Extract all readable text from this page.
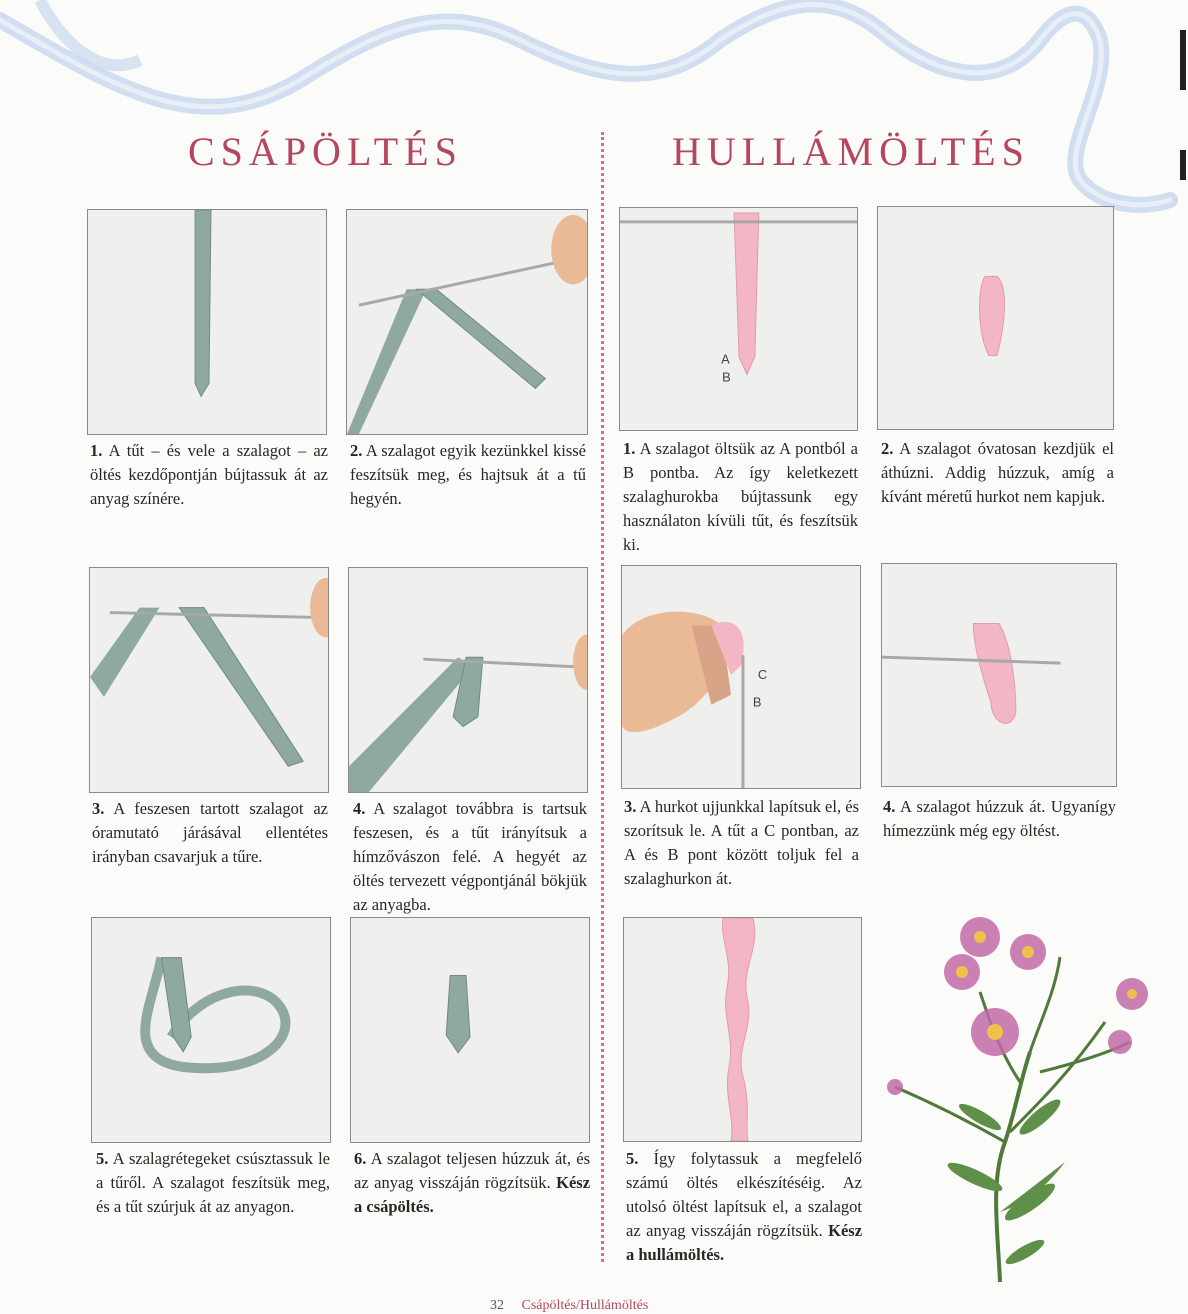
CSÁPÖLTÉS	HULLÁMÖLTÉS
A
B
C
B
1. A tűt – és vele a szalagot – az öltés kezdőpontján bújtassuk át az anyag színére.
2. A szalagot egyik kezünkkel kissé feszítsük meg, és hajtsuk át a tű hegyén.
3. A feszesen tartott szalagot az óramutató járásával ellentétes irányban csavarjuk a tűre.
4. A szalagot továbbra is tartsuk feszesen, és a tűt irányítsuk a hímzővászon felé. A hegyét az öltés tervezett végpontjánál bökjük az anyagba.
5. A szalagrétegeket csúsztassuk le a tűről. A szalagot feszítsük meg, és a tűt szúrjuk át az anyagon.
6. A szalagot teljesen húzzuk át, és az anyag visszáján rögzítsük. Kész a csápöltés.
1. A szalagot öltsük az A pontból a B pontba. Az így keletkezett szalaghurokba bújtassunk egy használaton kívüli tűt, és feszítsük ki.
2. A szalagot óvatosan kezdjük el áthúzni. Addig húzzuk, amíg a kívánt méretű hurkot nem kapjuk.
3. A hurkot ujjunkkal lapítsuk el, és szorítsuk le. A tűt a C pontban, az A és B pont között toljuk fel a szalaghurkon át.
4. A szalagot húzzuk át. Ugyanígy hímezzünk még egy öltést.
5. Így folytassuk a megfelelő számú öltés elkészítéséig. Az utolsó öltést lapítsuk el, a szalagot az anyag visszáján rögzítsük. Kész a hullámöltés.
32 Csápöltés/Hullámöltés
